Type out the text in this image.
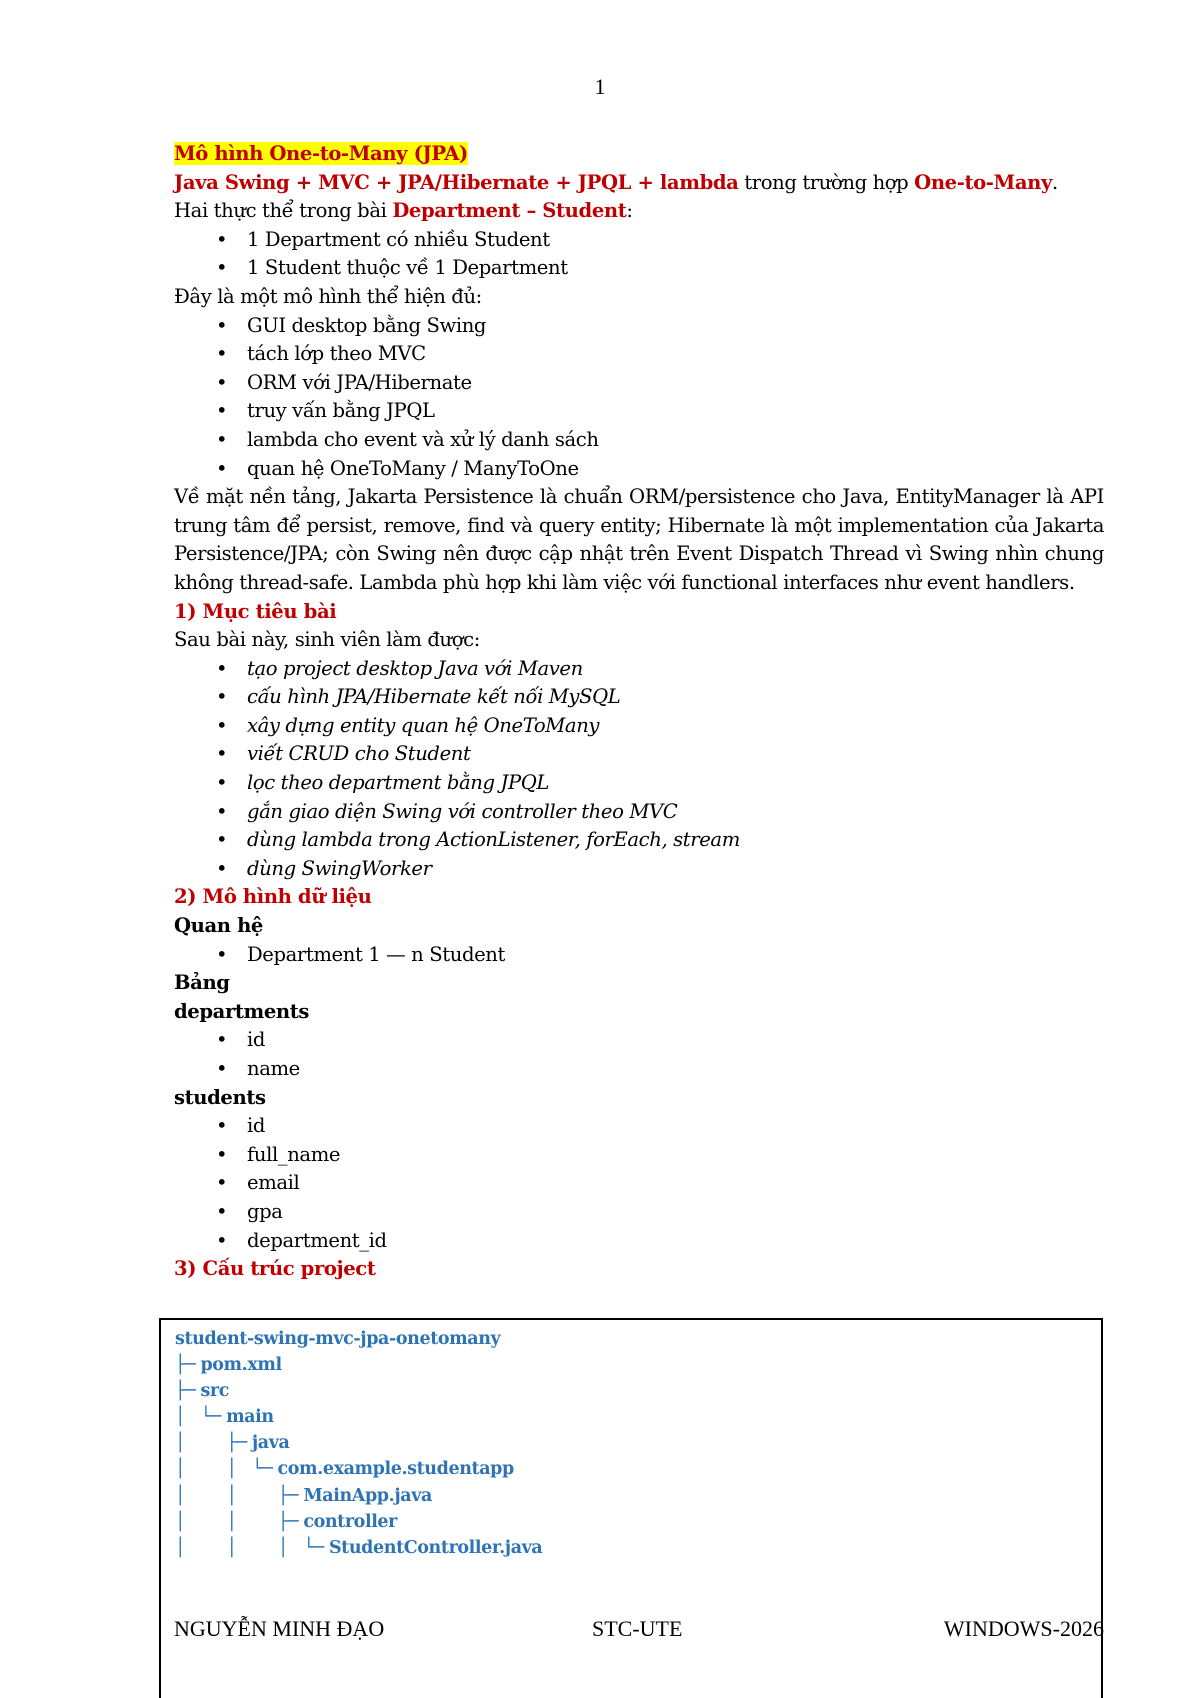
1

Mô hình One-to-Many (JPA)

Java Swing + MVC + JPA/Hibernate + JPQL + lambda trong trường hợp One-to-Many.

Hai thực thể trong bài Department – Student:

• 1 Department có nhiều Student
• 1 Student thuộc về 1 Department

Đây là một mô hình thể hiện đủ:

• GUI desktop bằng Swing
• tách lớp theo MVC
• ORM với JPA/Hibernate
• truy vấn bằng JPQL
• lambda cho event và xử lý danh sách
• quan hệ OneToMany / ManyToOne

Về mặt nền tảng, Jakarta Persistence là chuẩn ORM/persistence cho Java, EntityManager là API trung tâm để persist, remove, find và query entity; Hibernate là một implementation của Jakarta Persistence/JPA; còn Swing nên được cập nhật trên Event Dispatch Thread vì Swing nhìn chung không thread-safe. Lambda phù hợp khi làm việc với functional interfaces như event handlers.

1) Mục tiêu bài

Sau bài này, sinh viên làm được:

• tạo project desktop Java với Maven
• cấu hình JPA/Hibernate kết nối MySQL
• xây dựng entity quan hệ OneToMany
• viết CRUD cho Student
• lọc theo department bằng JPQL
• gắn giao diện Swing với controller theo MVC
• dùng lambda trong ActionListener, forEach, stream
• dùng SwingWorker

2) Mô hình dữ liệu

Quan hệ

• Department 1 — n Student

Bảng

departments

• id
• name

students

• id
• full_name
• email
• gpa
• department_id

3) Cấu trúc project

student-swing-mvc-jpa-onetomany
├─ pom.xml
├─ src
│   └─ main
│        ├─ java
│        │   └─ com.example.studentapp
│        │        ├─ MainApp.java
│        │        ├─ controller
│        │        │   └─ StudentController.java
NGUYỄN MINH ĐẠO	STC-UTE	WINDOWS-2026
